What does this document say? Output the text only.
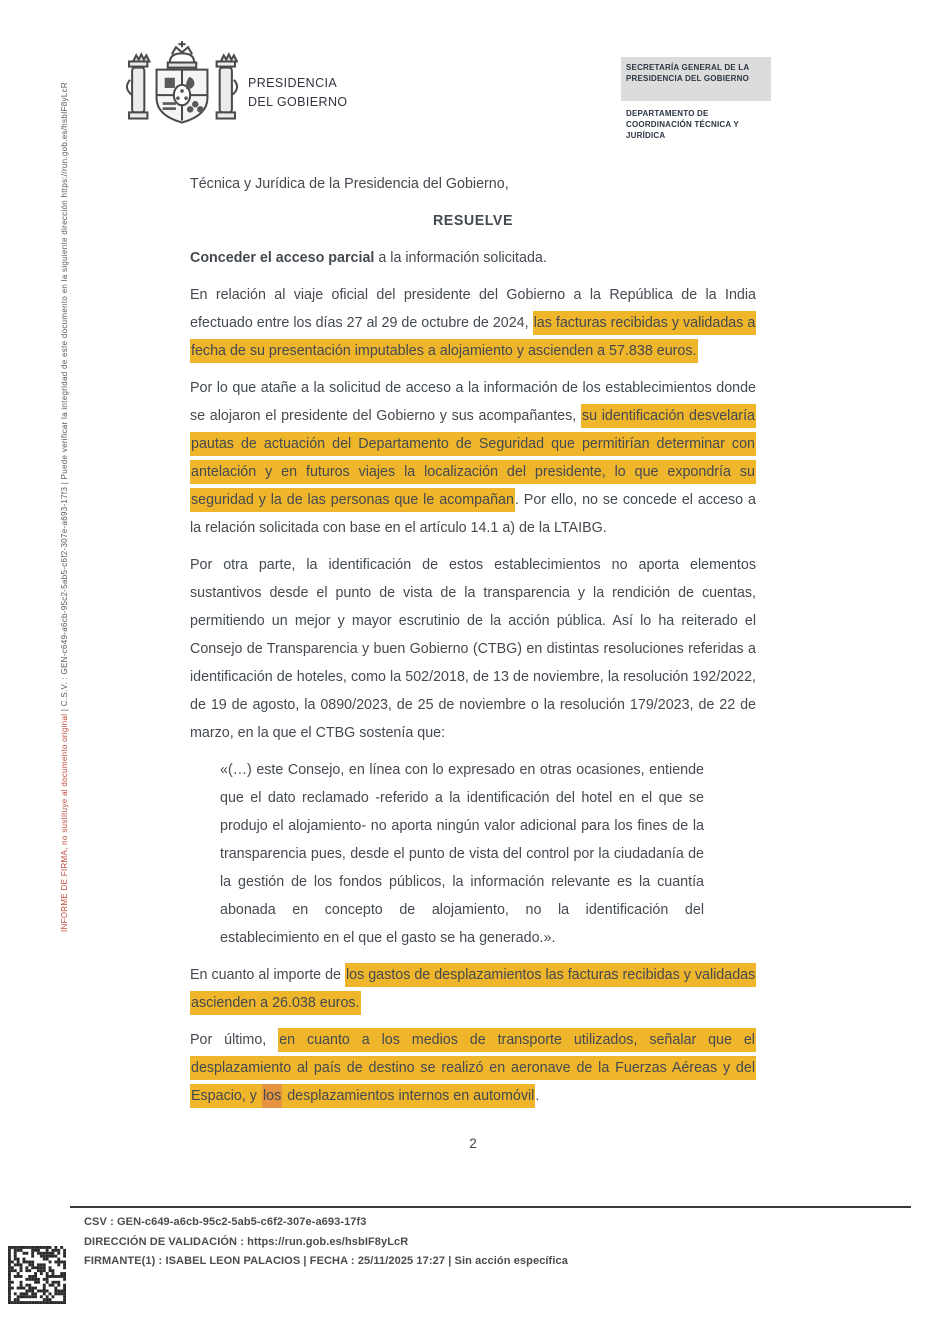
INFORME DE FIRMA, no sustituye al documento original | C.S.V. : GEN-c649-a6cb-95c2-5ab5-c6f2-307e-a693-17f3 | Puede verificar la integridad de este documento en la siguiente dirección https://run.gob.es/hsbIF8yLcR	PRESIDENCIA
DEL GOBIERNO
SECRETARÍA GENERAL DE LA PRESIDENCIA DEL GOBIERNO
DEPARTAMENTO DE COORDINACIÓN TÉCNICA Y JURÍDICA

Técnica y Jurídica de la Presidencia del Gobierno,

RESUELVE

Conceder el acceso parcial a la información solicitada.

En relación al viaje oficial del presidente del Gobierno a la República de la India efectuado entre los días 27 al 29 de octubre de 2024, las facturas recibidas y validadas a fecha de su presentación imputables a alojamiento y ascienden a 57.838 euros.

Por lo que atañe a la solicitud de acceso a la información de los establecimientos donde se alojaron el presidente del Gobierno y sus acompañantes, su identificación desvelaría pautas de actuación del Departamento de Seguridad que permitirían determinar con antelación y en futuros viajes la localización del presidente, lo que expondría su seguridad y la de las personas que le acompañan. Por ello, no se concede el acceso a la relación solicitada con base en el artículo 14.1 a) de la LTAIBG.

Por otra parte, la identificación de estos establecimientos no aporta elementos sustantivos desde el punto de vista de la transparencia y la rendición de cuentas, permitiendo un mejor y mayor escrutinio de la acción pública. Así lo ha reiterado el Consejo de Transparencia y buen Gobierno (CTBG) en distintas resoluciones referidas a identificación de hoteles, como la 502/2018, de 13 de noviembre, la resolución 192/2022, de 19 de agosto, la 0890/2023, de 25 de noviembre o la resolución 179/2023, de 22 de marzo, en la que el CTBG sostenía que:

«(…) este Consejo, en línea con lo expresado en otras ocasiones, entiende que el dato reclamado -referido a la identificación del hotel en el que se produjo el alojamiento- no aporta ningún valor adicional para los fines de la transparencia pues, desde el punto de vista del control por la ciudadanía de la gestión de los fondos públicos, la información relevante es la cuantía abonada en concepto de alojamiento, no la identificación del establecimiento en el que el gasto se ha generado.».

En cuanto al importe de los gastos de desplazamientos las facturas recibidas y validadas ascienden a 26.038 euros.

Por último, en cuanto a los medios de transporte utilizados, señalar que el desplazamiento al país de destino se realizó en aeronave de la Fuerzas Aéreas y del Espacio, y los desplazamientos internos en automóvil.

2
CSV : GEN-c649-a6cb-95c2-5ab5-c6f2-307e-a693-17f3
DIRECCIÓN DE VALIDACIÓN : https://run.gob.es/hsbIF8yLcR
FIRMANTE(1) : ISABEL LEON PALACIOS | FECHA : 25/11/2025 17:27 | Sin acción específica
